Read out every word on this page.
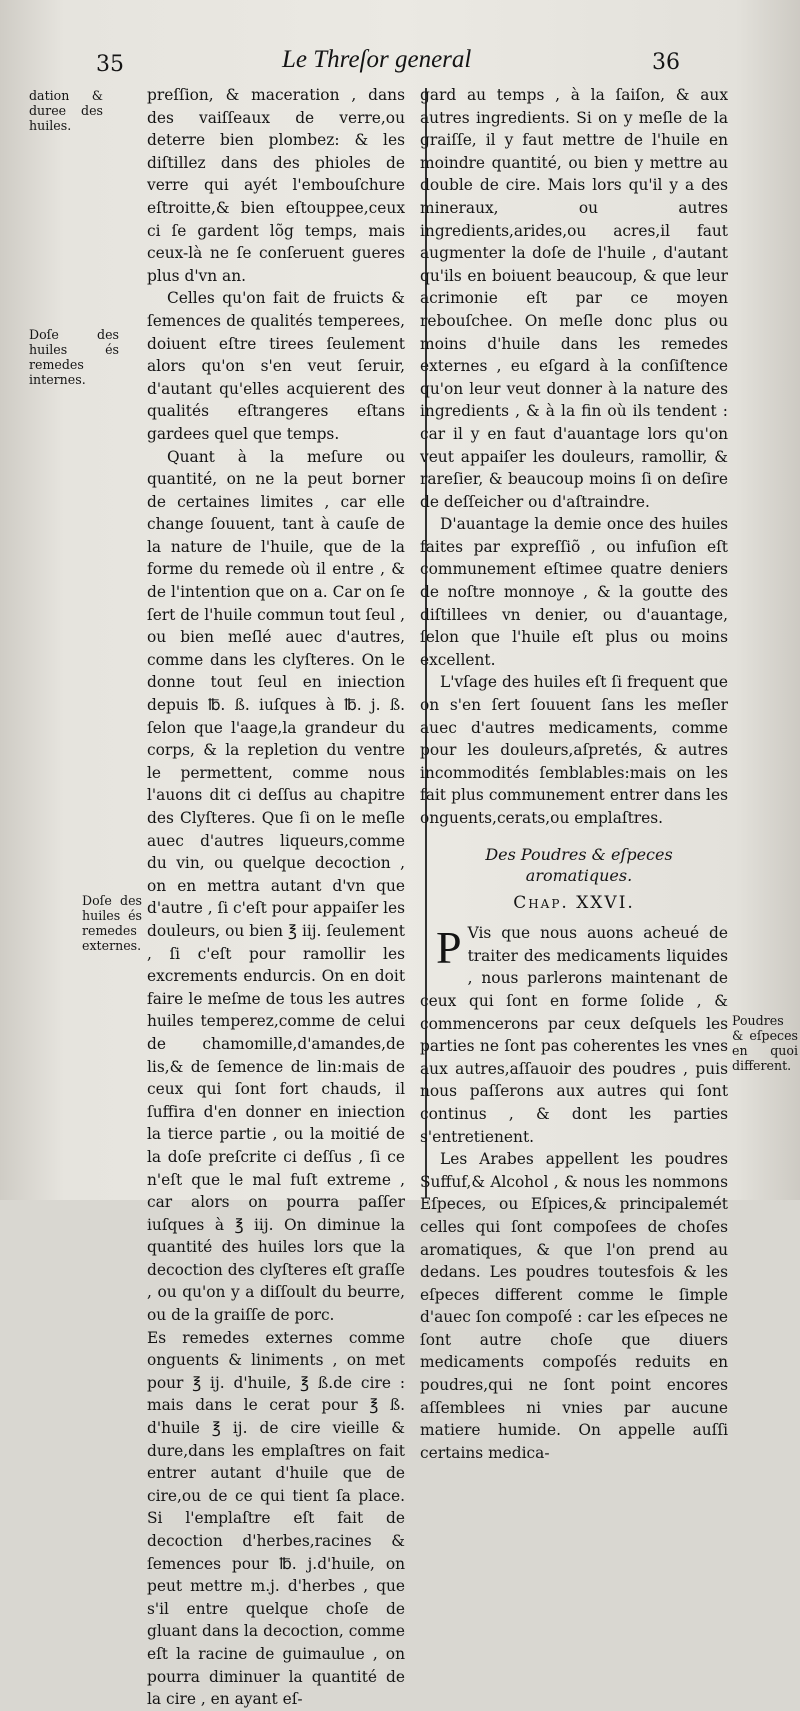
35	Le Threſor general	36
dation & duree des huiles.
Doſe des huiles és remedes internes.
Doſe des huiles és remedes externes.
Poudres & eſpeces en quoi different.

preſſion, & maceration , dans des vaiſſeaux de verre,ou deterre bien plombez: & les diſtillez dans des phioles de verre qui ayét l'embouſchure eſtroitte,& bien eſtouppee,ceux ci ſe gardent lõg temps, mais ceux-là ne ſe conſeruent gueres plus d'vn an.

Celles qu'on fait de fruicts & ſemences de qualités temperees, doiuent eſtre tirees ſeulement alors qu'on s'en veut ſeruir, d'autant qu'elles acquierent des qualités eſtrangeres eſtans gardees quel que temps.

Quant à la meſure ou quantité, on ne la peut borner de certaines limites , car elle change ſouuent, tant à cauſe de la nature de l'huile, que de la forme du remede où il entre , & de l'intention que on a. Car on ſe ſert de l'huile commun tout ſeul , ou bien meſlé auec d'autres, comme dans les clyſteres. On le donne tout ſeul en iniection depuis ℔. ß. iuſques à ℔. j. ß. ſelon que l'aage,la grandeur du corps, & la repletion du ventre le permettent, comme nous l'auons dit ci deſſus au chapitre des Clyſteres. Que ſi on le meſle auec d'autres liqueurs,comme du vin, ou quelque decoction , on en mettra autant d'vn que d'autre , ſi c'eſt pour appaiſer les douleurs, ou bien ℥ iij. ſeulement , ſi c'eſt pour ramollir les excrements endurcis. On en doit faire le meſme de tous les autres huiles temperez,comme de celui de chamomille,d'amandes,de lis,& de ſemence de lin:mais de ceux qui ſont fort chauds, il ſuffira d'en donner en iniection la tierce partie , ou la moitié de la doſe preſcrite ci deſſus , ſi ce n'eſt que le mal fuſt extreme , car alors on pourra paſſer iuſques à ℥ iij. On diminue la quantité des huiles lors que la decoction des clyſteres eſt graſſe , ou qu'on y a diſſoult du beurre, ou de la graiſſe de porc.

Es remedes externes comme onguents & liniments , on met pour ℥ ij. d'huile, ℥ ß.de cire : mais dans le cerat pour ℥ ß. d'huile ℥ ij. de cire vieille & dure,dans les emplaſtres on fait entrer autant d'huile que de cire,ou de ce qui tient ſa place. Si l'emplaſtre eſt fait de decoction d'herbes,racines & ſemences pour ℔. j.d'huile, on peut mettre m.j. d'herbes , que s'il entre quelque choſe de gluant dans la decoction, comme eſt la racine de guimaulue , on pourra diminuer la quantité de la cire , en ayant eſ-

gard au temps , à la ſaiſon, & aux autres ingredients. Si on y meſle de la graiſſe, il y faut mettre de l'huile en moindre quantité, ou bien y mettre au double de cire. Mais lors qu'il y a des mineraux, ou autres ingredients,arides,ou acres,il faut augmenter la doſe de l'huile , d'autant qu'ils en boiuent beaucoup, & que leur acrimonie eſt par ce moyen rebouſchee. On meſle donc plus ou moins d'huile dans les remedes externes , eu eſgard à la conſiſtence qu'on leur veut donner à la nature des ingredients , & à la fin où ils tendent : car il y en faut d'auantage lors qu'on veut appaiſer les douleurs, ramollir, & rareſier, & beaucoup moins ſi on deſire de deſſeicher ou d'aſtraindre.

D'auantage la demie once des huiles faites par expreſſiõ , ou infuſion eſt communement eſtimee quatre deniers de noſtre monnoye , & la goutte des diſtillees vn denier, ou d'auantage, ſelon que l'huile eſt plus ou moins excellent.

L'vſage des huiles eſt ſi frequent que on s'en ſert ſouuent ſans les meſler auec d'autres medicaments, comme pour les douleurs,aſpretés, & autres incommodités ſemblables:mais on les fait plus communement entrer dans les onguents,cerats,ou emplaſtres.

Des Poudres & eſpeces aromatiques.
Chap. XXVI.

P Vis que nous auons acheué de traiter des medicaments liquides , nous parlerons maintenant de ceux qui ſont en forme ſolide , & commencerons par ceux deſquels les parties ne ſont pas coherentes les vnes aux autres,aſſauoir des poudres , puis nous paſſerons aux autres qui ſont continus , & dont les parties s'entretienent.

Les Arabes appellent les poudres Suffuf,& Alcohol , & nous les nommons Eſpeces, ou Eſpices,& principalemét celles qui ſont compoſees de choſes aromatiques, & que l'on prend au dedans. Les poudres toutesfois & les eſpeces different comme le ſimple d'auec ſon compoſé : car les eſpeces ne ſont autre choſe que diuers medicaments compoſés reduits en poudres,qui ne ſont point encores aſſemblees ni vnies par aucune matiere humide. On appelle auſſi certains medica-
